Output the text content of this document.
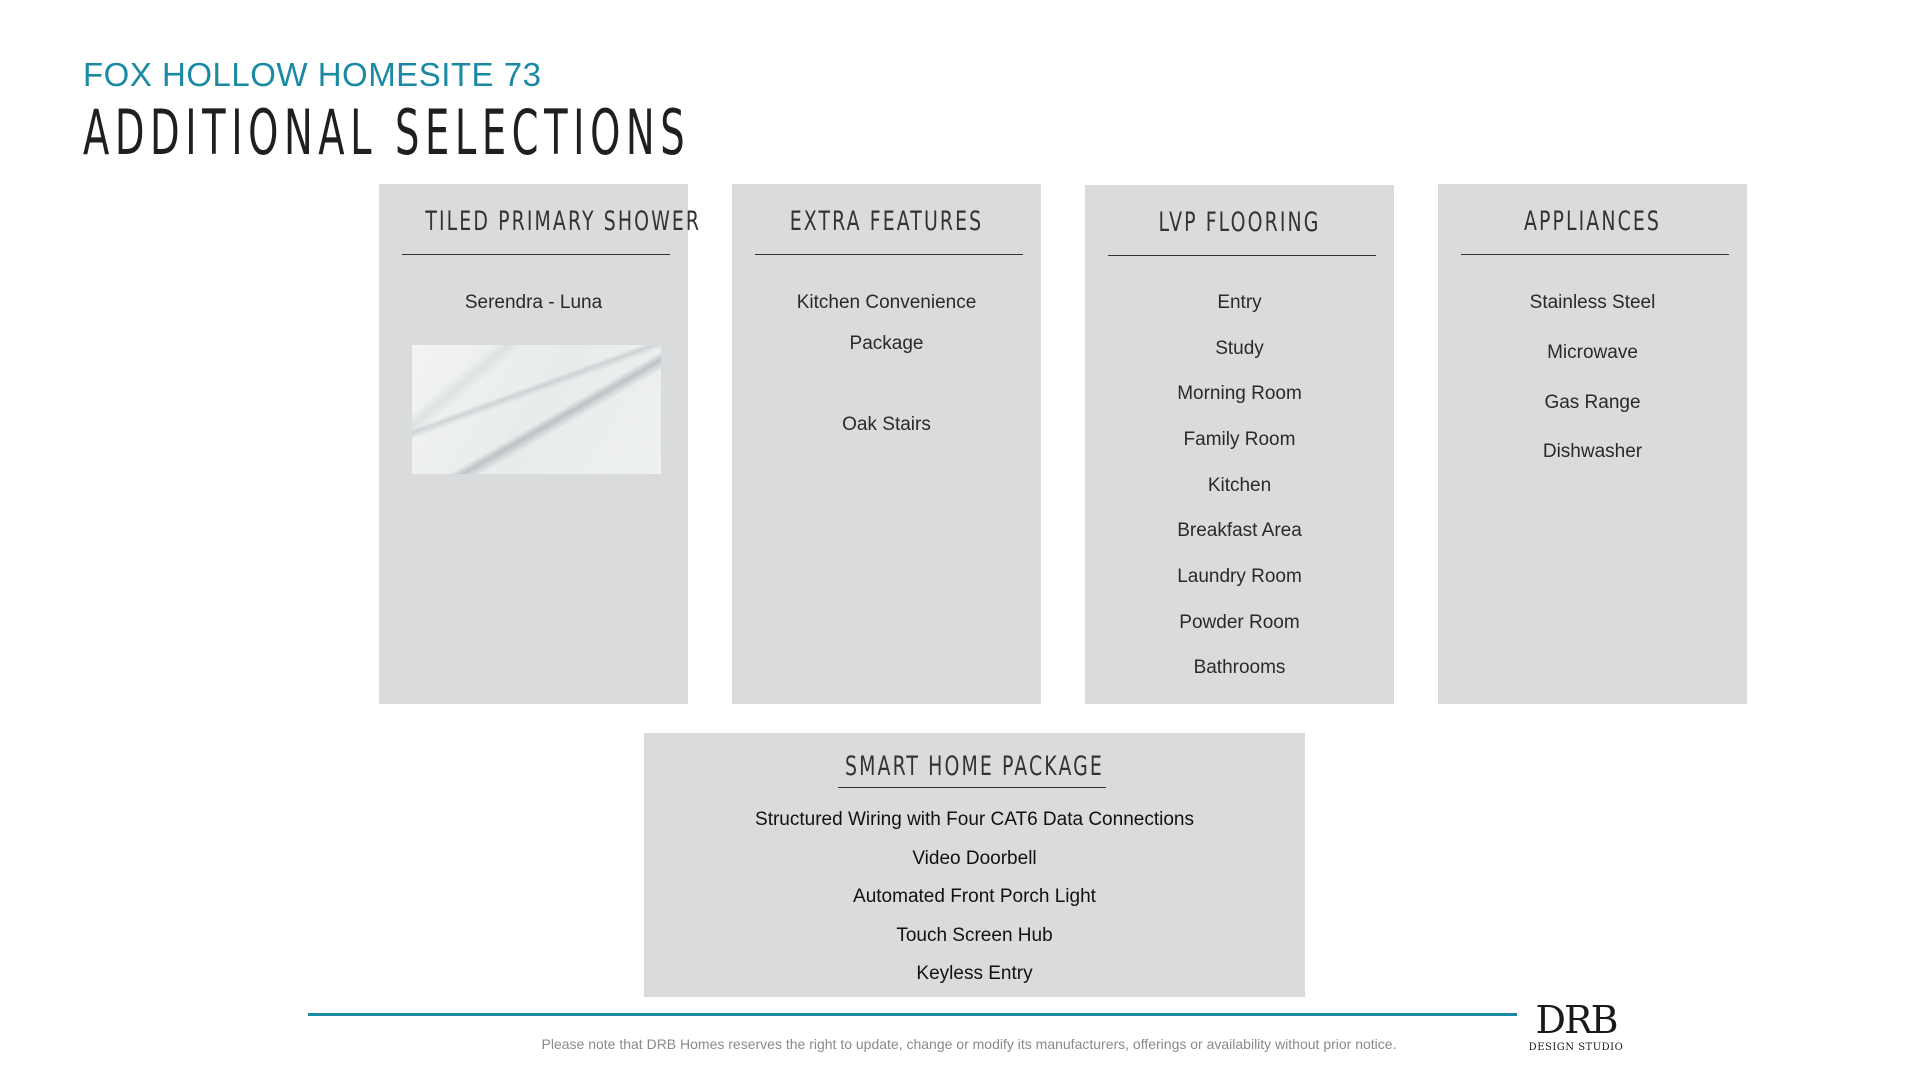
FOX HOLLOW HOMESITE 73
ADDITIONAL SELECTIONS
TILED PRIMARY SHOWER
Serendra - Luna
EXTRA FEATURES
Kitchen Convenience
Package
Oak Stairs
LVP FLOORING
Entry
Study
Morning Room
Family Room
Kitchen
Breakfast Area
Laundry Room
Powder Room
Bathrooms
APPLIANCES
Stainless Steel
Microwave
Gas Range
Dishwasher
SMART HOME PACKAGE
Structured Wiring with Four CAT6 Data Connections
Video Doorbell
Automated Front Porch Light
Touch Screen Hub
Keyless Entry
Please note that DRB Homes reserves the right to update, change or modify its manufacturers, offerings or availability without prior notice.
DRB
DESIGN STUDIO
